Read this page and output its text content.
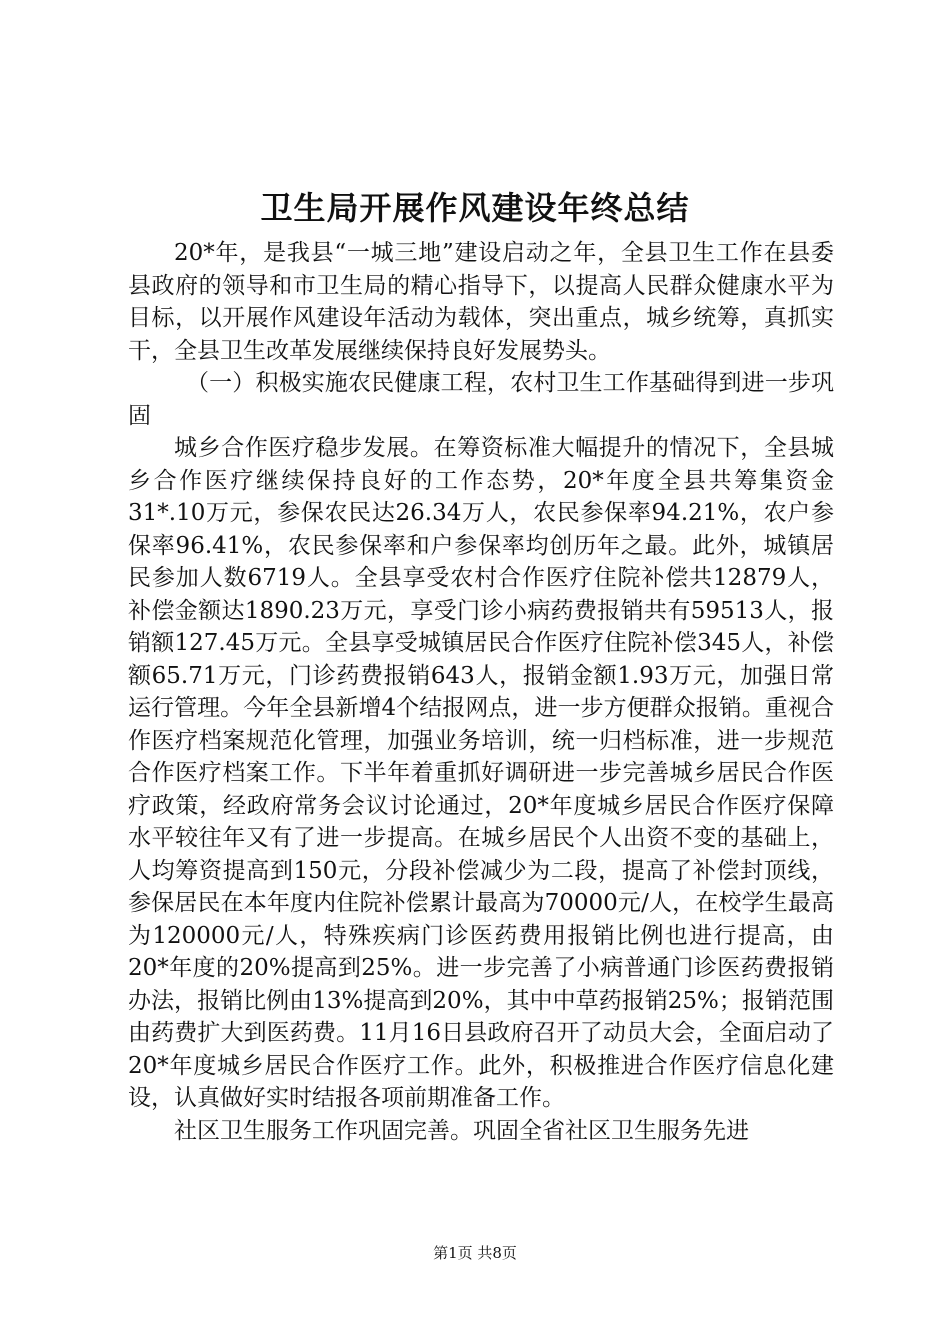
卫生局开展作风建设年终总结

20*年，是我县“一城三地”建设启动之年，全县卫生工作在县委县政府的领导和市卫生局的精心指导下，以提高人民群众健康水平为目标，以开展作风建设年活动为载体，突出重点，城乡统筹，真抓实干，全县卫生改革发展继续保持良好发展势头。

（一）积极实施农民健康工程，农村卫生工作基础得到进一步巩固

城乡合作医疗稳步发展。在筹资标准大幅提升的情况下，全县城乡合作医疗继续保持良好的工作态势，20*年度全县共筹集资金31*.10万元，参保农民达26.34万人，农民参保率94.21%，农户参保率96.41%，农民参保率和户参保率均创历年之最。此外，城镇居民参加人数6719人。全县享受农村合作医疗住院补偿共12879人，补偿金额达1890.23万元，享受门诊小病药费报销共有59513人，报销额127.45万元。全县享受城镇居民合作医疗住院补偿345人，补偿额65.71万元，门诊药费报销643人，报销金额1.93万元，加强日常运行管理。今年全县新增4个结报网点，进一步方便群众报销。重视合作医疗档案规范化管理，加强业务培训，统一归档标准，进一步规范合作医疗档案工作。下半年着重抓好调研进一步完善城乡居民合作医疗政策，经政府常务会议讨论通过，20*年度城乡居民合作医疗保障水平较往年又有了进一步提高。在城乡居民个人出资不变的基础上，人均筹资提高到150元，分段补偿减少为二段，提高了补偿封顶线，参保居民在本年度内住院补偿累计最高为70000元/人，在校学生最高为120000元/人，特殊疾病门诊医药费用报销比例也进行提高，由20*年度的20%提高到25%。进一步完善了小病普通门诊医药费报销办法，报销比例由13%提高到20%，其中中草药报销25%；报销范围由药费扩大到医药费。11月16日县政府召开了动员大会，全面启动了20*年度城乡居民合作医疗工作。此外，积极推进合作医疗信息化建设，认真做好实时结报各项前期准备工作。

社区卫生服务工作巩固完善。巩固全省社区卫生服务先进

第1页 共8页
